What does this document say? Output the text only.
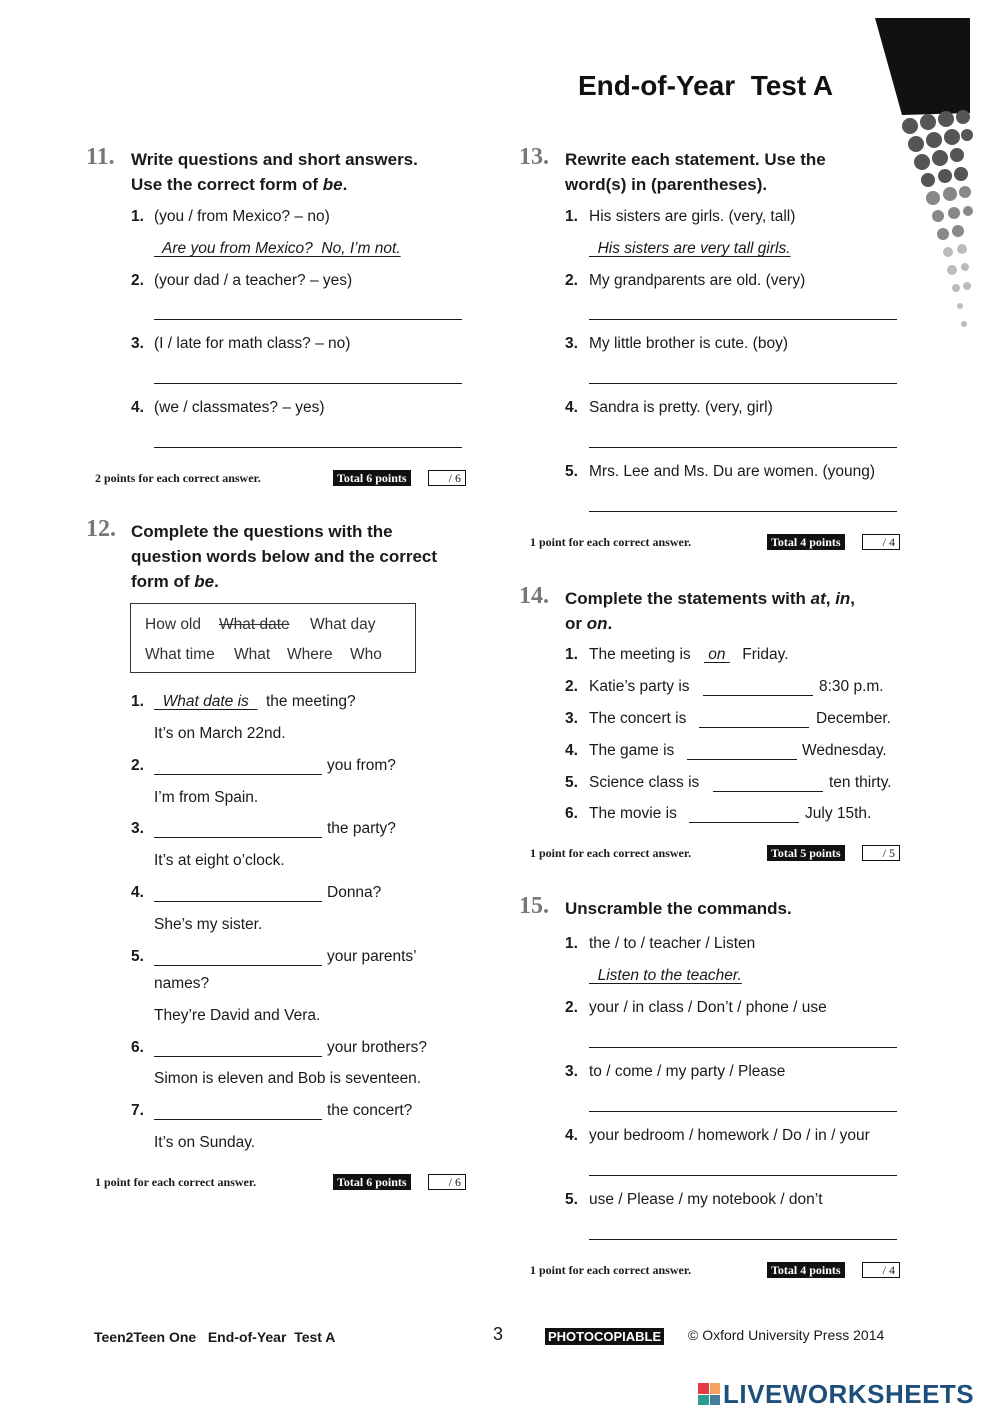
End-of-Year  Test A
11. Write questions and short answers.
Use the correct form of be.
1. (you / from Mexico? – no)
Are you from Mexico?  No, I’m not.
2. (your dad / a teacher? – yes)
3. (I / late for math class? – no)
4. (we / classmates? – yes)
2 points for each correct answer.	Total 6 points	/ 6
12. Complete the questions with the
question words below and the correct
form of be.
How old What date What day
What time What Where Who
1. What date is the meeting?
It’s on March 22nd.
2.	you from?
I’m from Spain.
3.	the party?
It’s at eight o’clock.
4.	Donna?
She’s my sister.
5.	your parents’
names?
They’re David and Vera.
6.	your brothers?
Simon is eleven and Bob is seventeen.
7.	the concert?
It’s on Sunday.
1 point for each correct answer.	Total 6 points	/ 6
13. Rewrite each statement. Use the
word(s) in (parentheses).
1. His sisters are girls. (very, tall)
His sisters are very tall girls.
2. My grandparents are old. (very)
3. My little brother is cute. (boy)
4. Sandra is pretty. (very, girl)
5. Mrs. Lee and Ms. Du are women. (young)
1 point for each correct answer.	Total 4 points	/ 4
14. Complete the statements with at, in,
or on.
1. The meeting is on Friday.
2. Katie’s party is	8:30 p.m.
3. The concert is	December.
4. The game is	Wednesday.
5. Science class is	ten thirty.
6. The movie is	July 15th.
1 point for each correct answer.	Total 5 points	/ 5
15. Unscramble the commands.
1. the / to / teacher / Listen
Listen to the teacher.
2. your / in class / Don’t / phone / use
3. to / come / my party / Please
4. your bedroom / homework / Do / in / your
5. use / Please / my notebook / don’t
1 point for each correct answer.	Total 4 points	/ 4
Teen2Teen One   End-of-Year  Test A	3	PHOTOCOPIABLE © Oxford University Press 2014
LIVEWORKSHEETS
